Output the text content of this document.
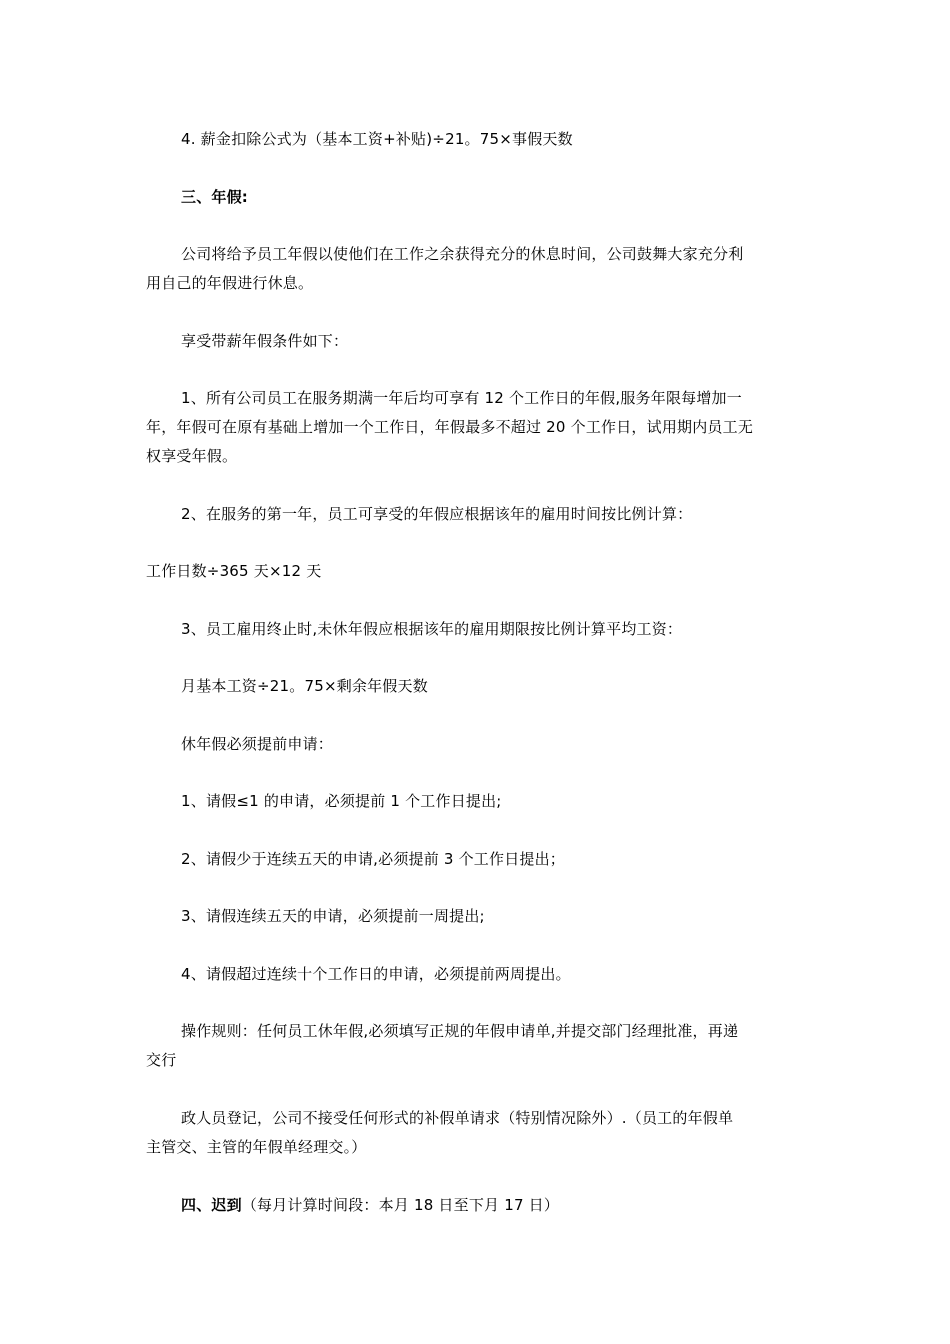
4. 薪金扣除公式为（基本工资+补贴)÷21。75×事假天数
三、年假:
公司将给予员工年假以使他们在工作之余获得充分的休息时间，公司鼓舞大家充分利
用自己的年假进行休息。
享受带薪年假条件如下：
1、所有公司员工在服务期满一年后均可享有 12 个工作日的年假,服务年限每增加一
年，年假可在原有基础上增加一个工作日，年假最多不超过 20 个工作日，试用期内员工无
权享受年假。
2、在服务的第一年，员工可享受的年假应根据该年的雇用时间按比例计算：
工作日数÷365 天×12 天
3、员工雇用终止时,未休年假应根据该年的雇用期限按比例计算平均工资：
月基本工资÷21。75×剩余年假天数
休年假必须提前申请：
1、请假≤1 的申请，必须提前 1 个工作日提出;
2、请假少于连续五天的申请,必须提前 3 个工作日提出；
3、请假连续五天的申请，必须提前一周提出;
4、请假超过连续十个工作日的申请，必须提前两周提出。
操作规则：任何员工休年假,必须填写正规的年假申请单,并提交部门经理批准，再递
交行
政人员登记，公司不接受任何形式的补假单请求（特别情况除外）.（员工的年假单
主管交、主管的年假单经理交。）
四、迟到（每月计算时间段：本月 18 日至下月 17 日）
